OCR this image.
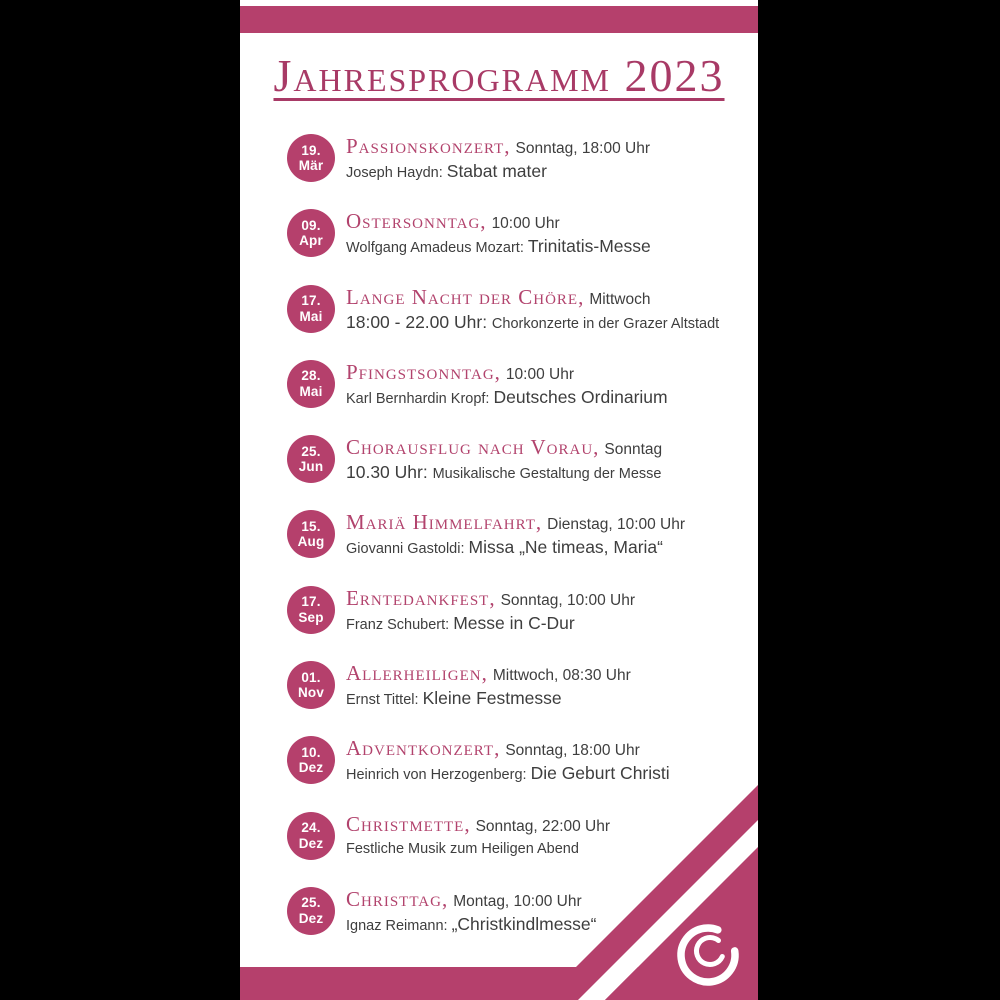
Jahresprogramm 2023
19.
Mär
Passionskonzert, Sonntag, 18:00 Uhr
Joseph Haydn: Stabat mater
09.
Apr
Ostersonntag, 10:00 Uhr
Wolfgang Amadeus Mozart: Trinitatis-Messe
17.
Mai
Lange Nacht der Chöre, Mittwoch
18:00 - 22.00 Uhr: Chorkonzerte in der Grazer Altstadt
28.
Mai
Pfingstsonntag, 10:00 Uhr
Karl Bernhardin Kropf: Deutsches Ordinarium
25.
Jun
Chorausflug nach Vorau, Sonntag
10.30 Uhr: Musikalische Gestaltung der Messe
15.
Aug
Mariä Himmelfahrt, Dienstag, 10:00 Uhr
Giovanni Gastoldi: Missa „Ne timeas, Maria“
17.
Sep
Erntedankfest, Sonntag, 10:00 Uhr
Franz Schubert: Messe in C-Dur
01.
Nov
Allerheiligen, Mittwoch, 08:30 Uhr
Ernst Tittel: Kleine Festmesse
10.
Dez
Adventkonzert, Sonntag, 18:00 Uhr
Heinrich von Herzogenberg: Die Geburt Christi
24.
Dez
Christmette, Sonntag, 22:00 Uhr
Festliche Musik zum Heiligen Abend
25.
Dez
Christtag, Montag, 10:00 Uhr
Ignaz Reimann: „Christkindlmesse“
